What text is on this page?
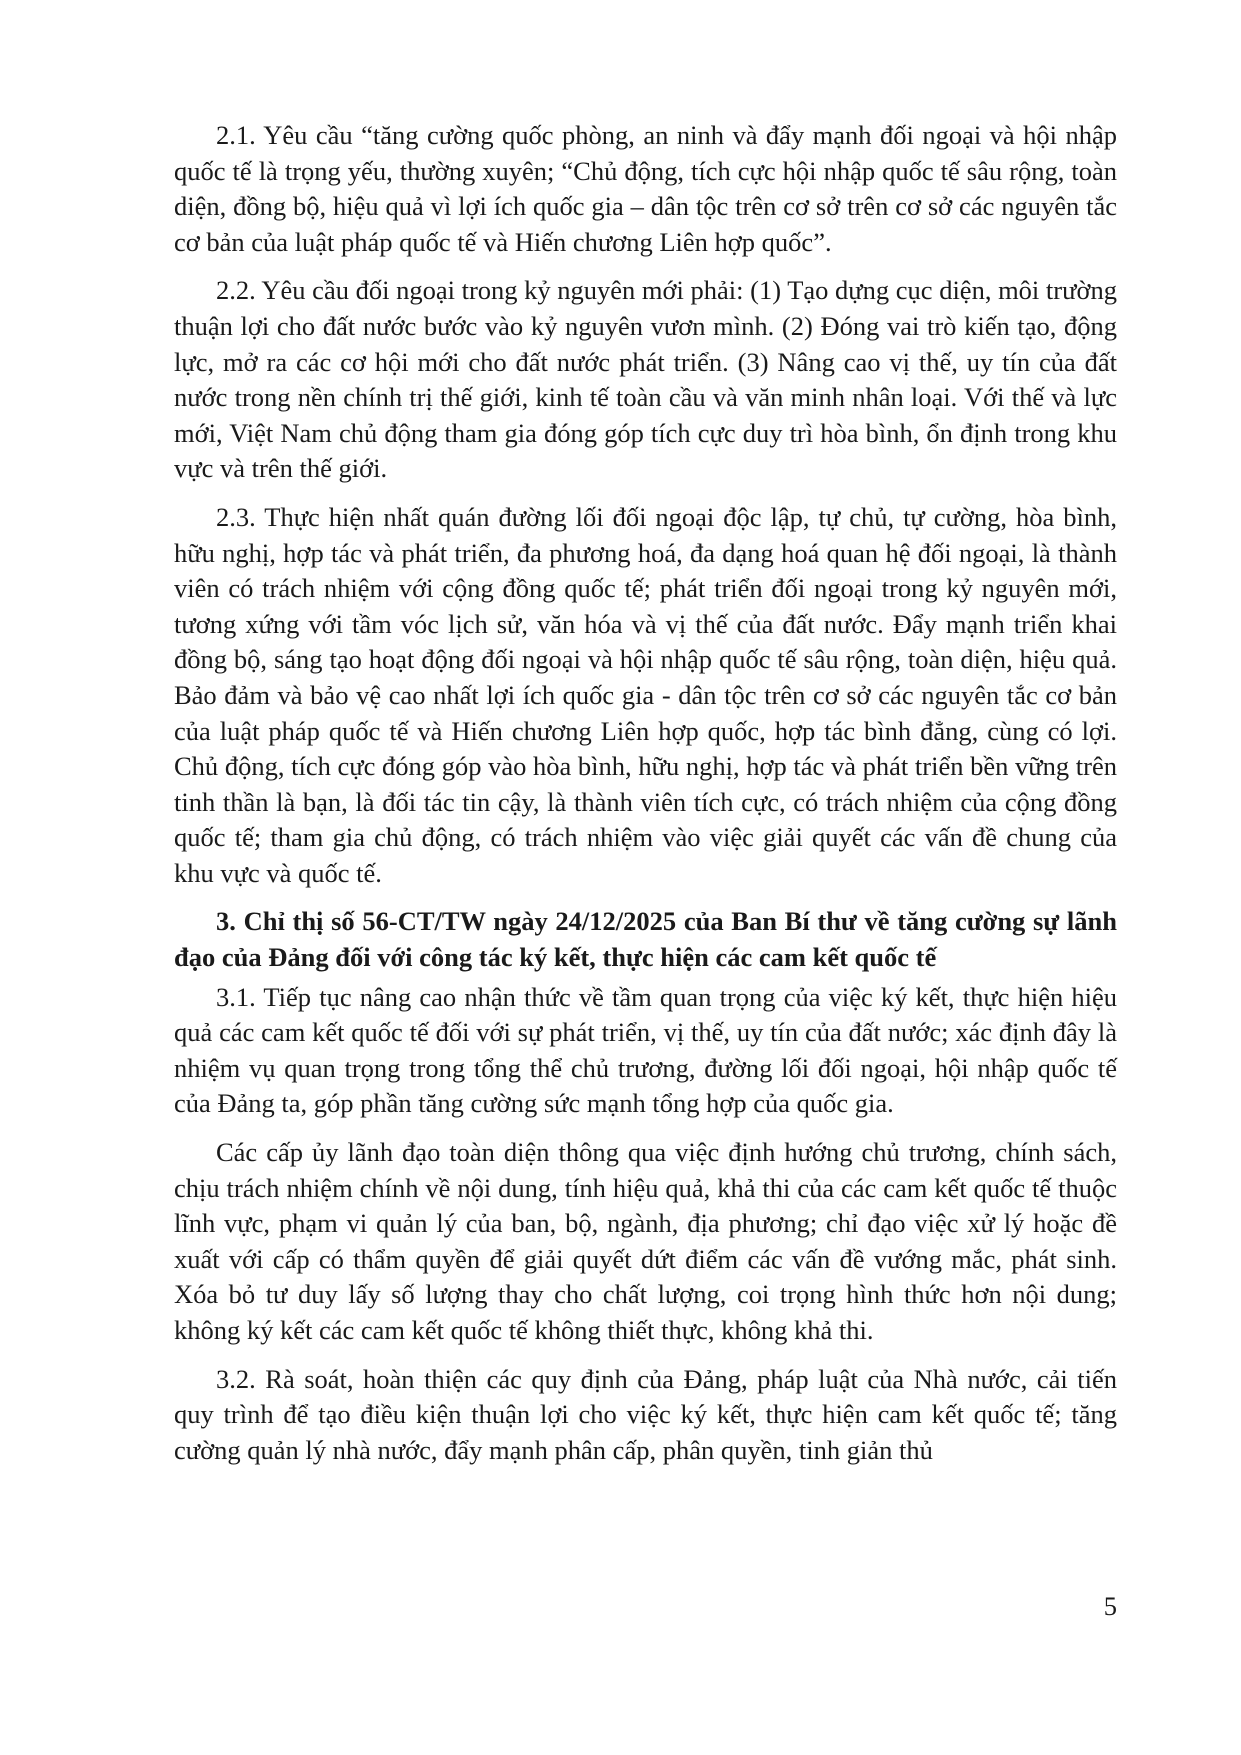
2.1. Yêu cầu “tăng cường quốc phòng, an ninh và đẩy mạnh đối ngoại và hội nhập quốc tế là trọng yếu, thường xuyên; “Chủ động, tích cực hội nhập quốc tế sâu rộng, toàn diện, đồng bộ, hiệu quả vì lợi ích quốc gia – dân tộc trên cơ sở trên cơ sở các nguyên tắc cơ bản của luật pháp quốc tế và Hiến chương Liên hợp quốc”.

2.2. Yêu cầu đối ngoại trong kỷ nguyên mới phải: (1) Tạo dựng cục diện, môi trường thuận lợi cho đất nước bước vào kỷ nguyên vươn mình. (2) Đóng vai trò kiến tạo, động lực, mở ra các cơ hội mới cho đất nước phát triển. (3) Nâng cao vị thế, uy tín của đất nước trong nền chính trị thế giới, kinh tế toàn cầu và văn minh nhân loại. Với thế và lực mới, Việt Nam chủ động tham gia đóng góp tích cực duy trì hòa bình, ổn định trong khu vực và trên thế giới.

2.3. Thực hiện nhất quán đường lối đối ngoại độc lập, tự chủ, tự cường, hòa bình, hữu nghị, hợp tác và phát triển, đa phương hoá, đa dạng hoá quan hệ đối ngoại, là thành viên có trách nhiệm với cộng đồng quốc tế; phát triển đối ngoại trong kỷ nguyên mới, tương xứng với tầm vóc lịch sử, văn hóa và vị thế của đất nước. Đẩy mạnh triển khai đồng bộ, sáng tạo hoạt động đối ngoại và hội nhập quốc tế sâu rộng, toàn diện, hiệu quả. Bảo đảm và bảo vệ cao nhất lợi ích quốc gia - dân tộc trên cơ sở các nguyên tắc cơ bản của luật pháp quốc tế và Hiến chương Liên hợp quốc, hợp tác bình đẳng, cùng có lợi. Chủ động, tích cực đóng góp vào hòa bình, hữu nghị, hợp tác và phát triển bền vững trên tinh thần là bạn, là đối tác tin cậy, là thành viên tích cực, có trách nhiệm của cộng đồng quốc tế; tham gia chủ động, có trách nhiệm vào việc giải quyết các vấn đề chung của khu vực và quốc tế.

3. Chỉ thị số 56-CT/TW ngày 24/12/2025 của Ban Bí thư về tăng cường sự lãnh đạo của Đảng đối với công tác ký kết, thực hiện các cam kết quốc tế

3.1. Tiếp tục nâng cao nhận thức về tầm quan trọng của việc ký kết, thực hiện hiệu quả các cam kết quốc tế đối với sự phát triển, vị thế, uy tín của đất nước; xác định đây là nhiệm vụ quan trọng trong tổng thể chủ trương, đường lối đối ngoại, hội nhập quốc tế của Đảng ta, góp phần tăng cường sức mạnh tổng hợp của quốc gia.

Các cấp ủy lãnh đạo toàn diện thông qua việc định hướng chủ trương, chính sách, chịu trách nhiệm chính về nội dung, tính hiệu quả, khả thi của các cam kết quốc tế thuộc lĩnh vực, phạm vi quản lý của ban, bộ, ngành, địa phương; chỉ đạo việc xử lý hoặc đề xuất với cấp có thẩm quyền để giải quyết dứt điểm các vấn đề vướng mắc, phát sinh. Xóa bỏ tư duy lấy số lượng thay cho chất lượng, coi trọng hình thức hơn nội dung; không ký kết các cam kết quốc tế không thiết thực, không khả thi.

3.2. Rà soát, hoàn thiện các quy định của Đảng, pháp luật của Nhà nước, cải tiến quy trình để tạo điều kiện thuận lợi cho việc ký kết, thực hiện cam kết quốc tế; tăng cường quản lý nhà nước, đẩy mạnh phân cấp, phân quyền, tinh giản thủ

5
